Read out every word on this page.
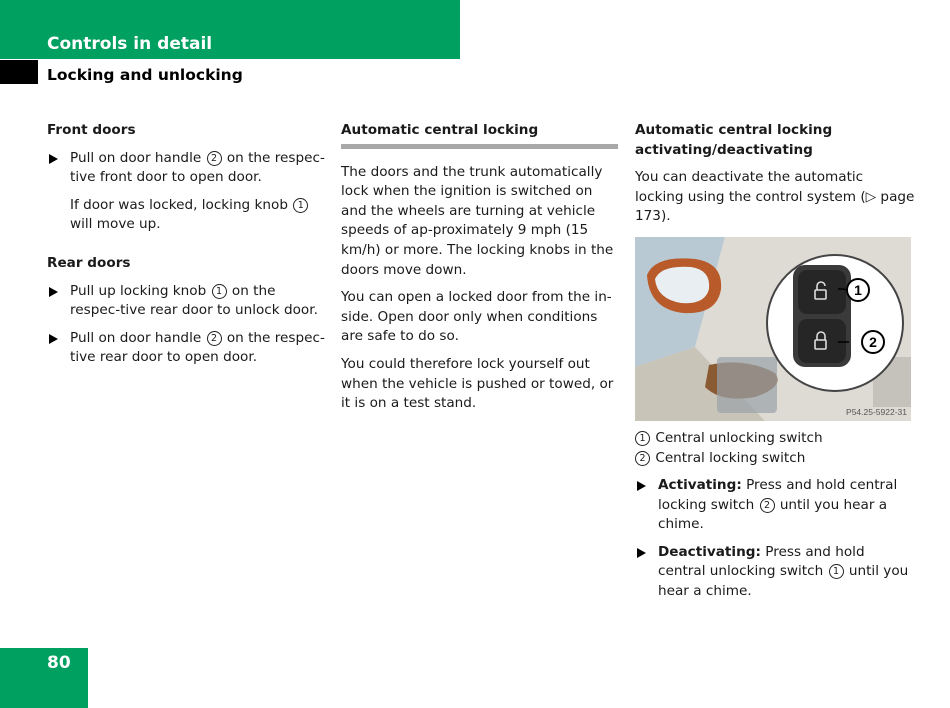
Controls in detail
Locking and unlocking
Front doors
Pull on door handle 2 on the respec-tive front door to open door.
If door was locked, locking knob 1 will move up.
Rear doors
Pull up locking knob 1 on the respec-tive rear door to unlock door.
Pull on door handle 2 on the respec-tive rear door to open door.
Automatic central locking

The doors and the trunk automatically lock when the ignition is switched on and the wheels are turning at vehicle speeds of ap-proximately 9 mph (15 km/h) or more. The locking knobs in the doors move down.

You can open a locked door from the in-side. Open door only when conditions are safe to do so.

You could therefore lock yourself out when the vehicle is pushed or towed, or it is on a test stand.

Automatic central locking activating/deactivating

You can deactivate the automatic locking using the control system (▷ page 173).

1
2
P54.25-5922-31
1 Central unlocking switch
2 Central locking switch
Activating: Press and hold central locking switch 2 until you hear a chime.
Deactivating: Press and hold central unlocking switch 1 until you hear a chime.
80
